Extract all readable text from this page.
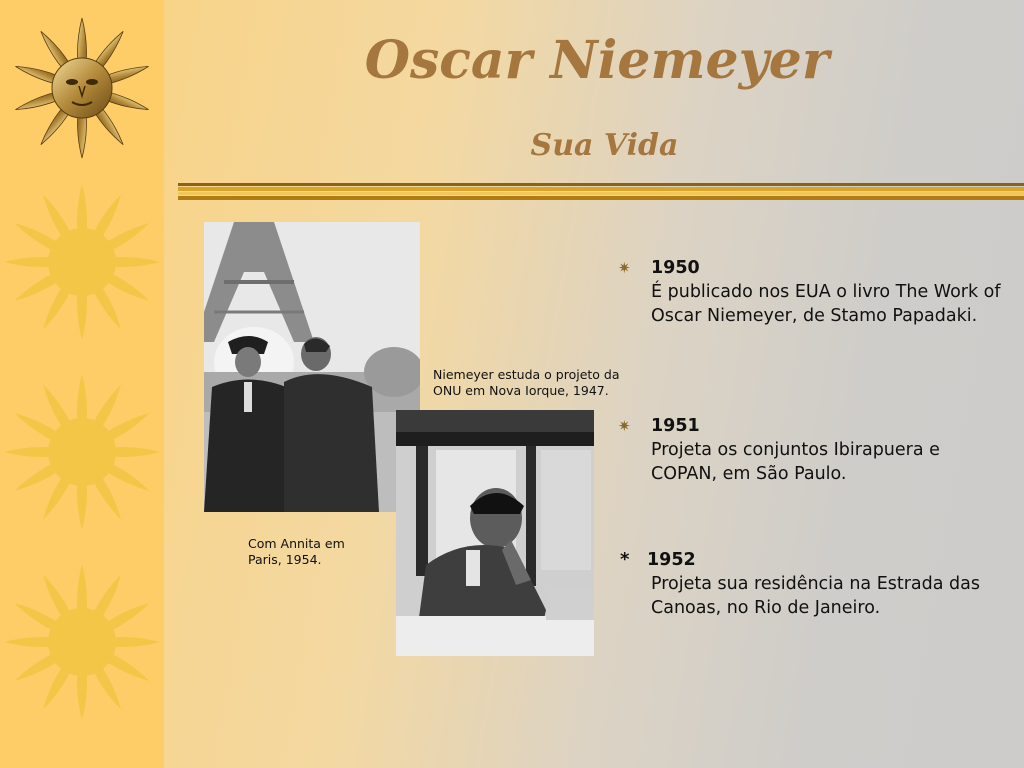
Oscar Niemeyer
Sua Vida
Com Annita em Paris, 1954.
Niemeyer estuda o projeto da ONU em Nova Iorque, 1947.
✷ 1950
É publicado nos EUA o livro The Work of Oscar Niemeyer, de Stamo Papadaki.
✷ 1951
Projeta os conjuntos Ibirapuera e COPAN, em São Paulo.
* 1952
Projeta sua residência na Estrada das Canoas, no Rio de Janeiro.
